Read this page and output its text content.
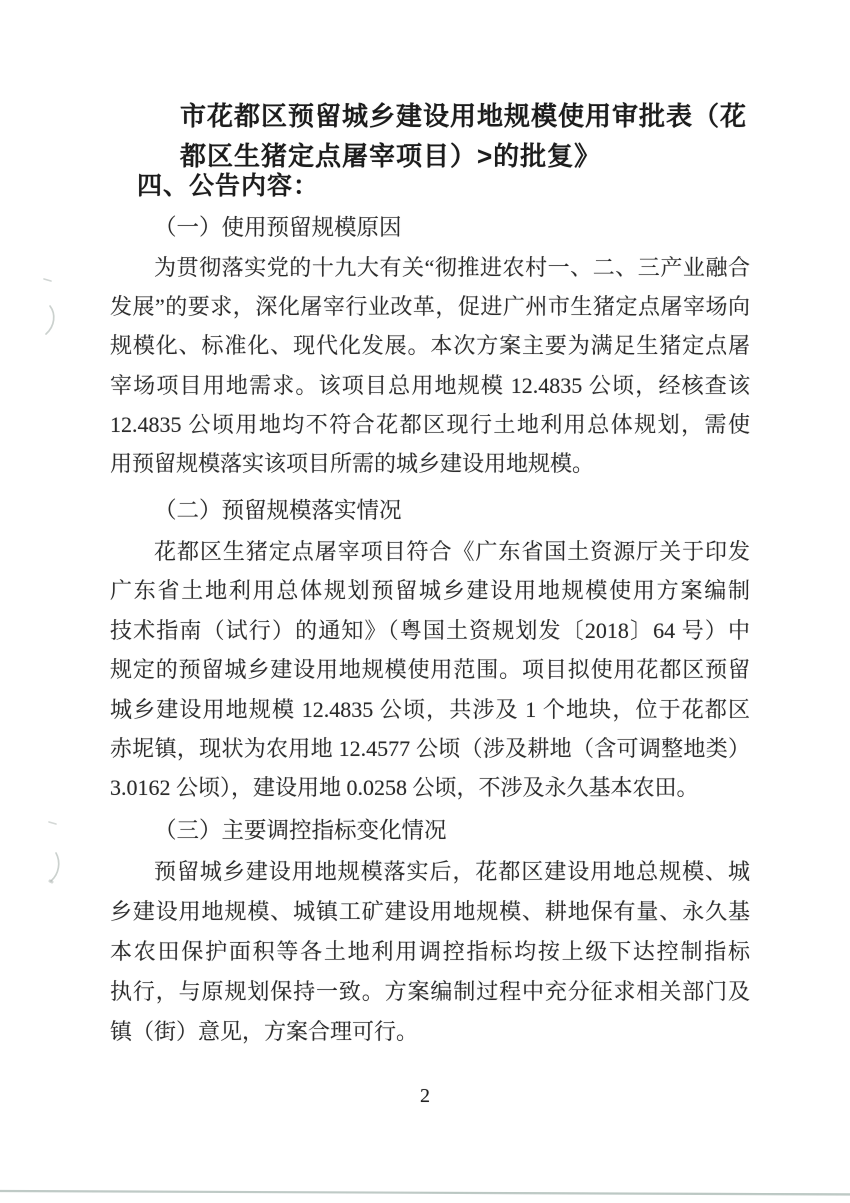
市花都区预留城乡建设用地规模使用审批表（花
都区生猪定点屠宰项目）>的批复》
四、公告内容：
（一）使用预留规模原因
为贯彻落实党的十九大有关“彻推进农村一、二、三产业融合
发展”的要求，深化屠宰行业改革，促进广州市生猪定点屠宰场向
规模化、标准化、现代化发展。本次方案主要为满足生猪定点屠
宰场项目用地需求。该项目总用地规模 12.4835 公顷，经核查该
12.4835 公顷用地均不符合花都区现行土地利用总体规划，需使
用预留规模落实该项目所需的城乡建设用地规模。
（二）预留规模落实情况
花都区生猪定点屠宰项目符合《广东省国土资源厅关于印发
广东省土地利用总体规划预留城乡建设用地规模使用方案编制
技术指南（试行）的通知》（粤国土资规划发〔2018〕64 号）中
规定的预留城乡建设用地规模使用范围。项目拟使用花都区预留
城乡建设用地规模 12.4835 公顷，共涉及 1 个地块，位于花都区
赤坭镇，现状为农用地 12.4577 公顷（涉及耕地（含可调整地类）
3.0162 公顷），建设用地 0.0258 公顷，不涉及永久基本农田。
（三）主要调控指标变化情况
预留城乡建设用地规模落实后，花都区建设用地总规模、城
乡建设用地规模、城镇工矿建设用地规模、耕地保有量、永久基
本农田保护面积等各土地利用调控指标均按上级下达控制指标
执行，与原规划保持一致。方案编制过程中充分征求相关部门及
镇（街）意见，方案合理可行。
2
